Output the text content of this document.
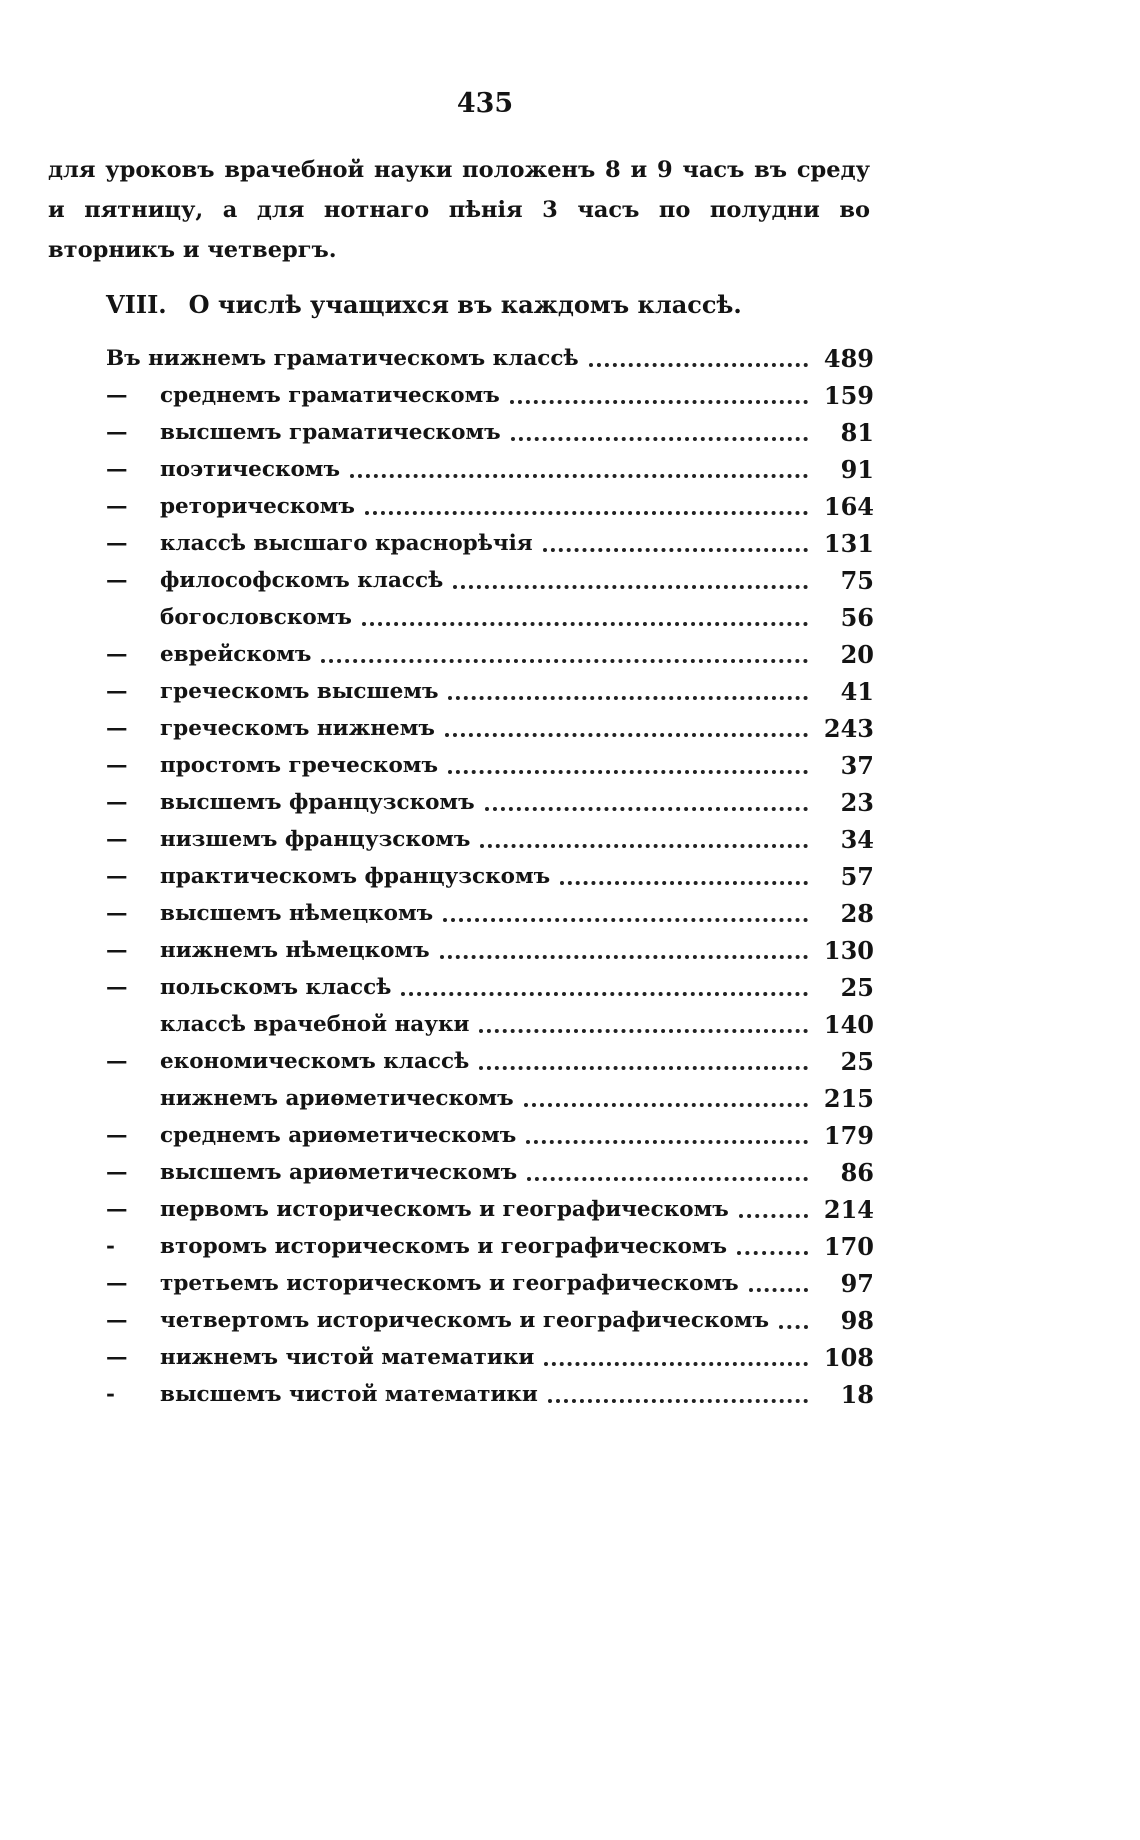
435

для уроковъ врачебной науки положенъ 8 и 9 часъ въ среду и пятницу, а для нотнаго пѣнія 3 часъ по полудни во вторникъ и четвергъ.

VIII. О числѣ учащихся въ каждомъ классѣ.
Въ нижнемъ граматическомъ классѣ	489
—	среднемъ граматическомъ	159
—	высшемъ граматическомъ	81
—	поэтическомъ	91
—	реторическомъ	164
—	классѣ высшаго краснорѣчія	131
—	философскомъ классѣ	75
богословскомъ	56
—	еврейскомъ	20
—	греческомъ высшемъ	41
—	греческомъ нижнемъ	243
—	простомъ греческомъ	37
—	высшемъ французскомъ	23
—	низшемъ французскомъ	34
—	практическомъ французскомъ	57
—	высшемъ нѣмецкомъ	28
—	нижнемъ нѣмецкомъ	130
—	польскомъ классѣ	25
классѣ врачебной науки	140
—	економическомъ классѣ	25
нижнемъ ариѳметическомъ	215
—	среднемъ ариѳметическомъ	179
—	высшемъ ариѳметическомъ	86
—	первомъ историческомъ и географическомъ	214
-	второмъ историческомъ и географическомъ	170
—	третьемъ историческомъ и географическомъ	97
—	четвертомъ историческомъ и географическомъ	98
—	нижнемъ чистой математики	108
-	высшемъ чистой математики	18
